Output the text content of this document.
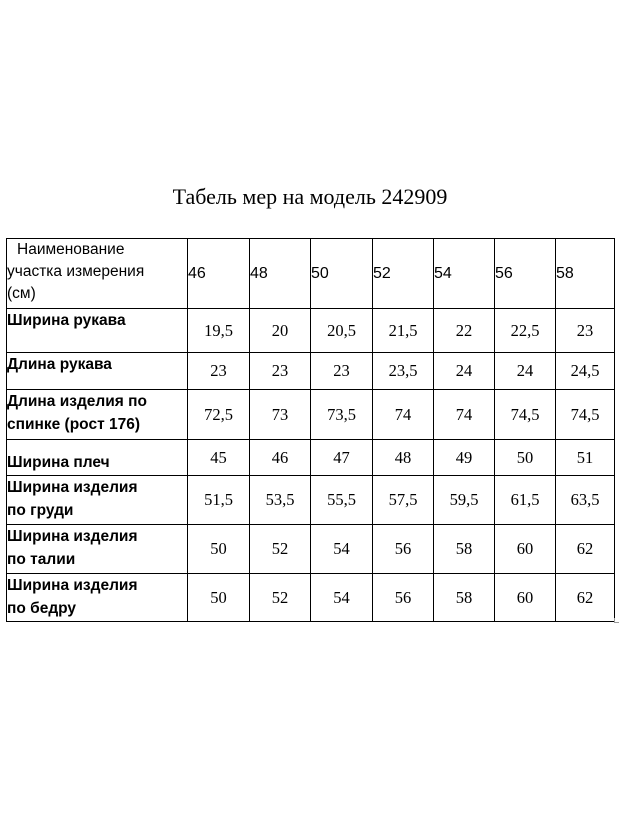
Табель мер на модель 242909
Наименование
участка измерения
(см)	46	48	50	52	54	56	58

Ширина рукава	19,5	20	20,5	21,5	22	22,5	23

Длина рукава	23	23	23	23,5	24	24	24,5

Длина изделия по
спинке (рост 176)	72,5	73	73,5	74	74	74,5	74,5

Ширина плеч	45	46	47	48	49	50	51

Ширина изделия
по груди	51,5	53,5	55,5	57,5	59,5	61,5	63,5

Ширина изделия
по талии	50	52	54	56	58	60	62

Ширина изделия
по бедру	50	52	54	56	58	60	62
